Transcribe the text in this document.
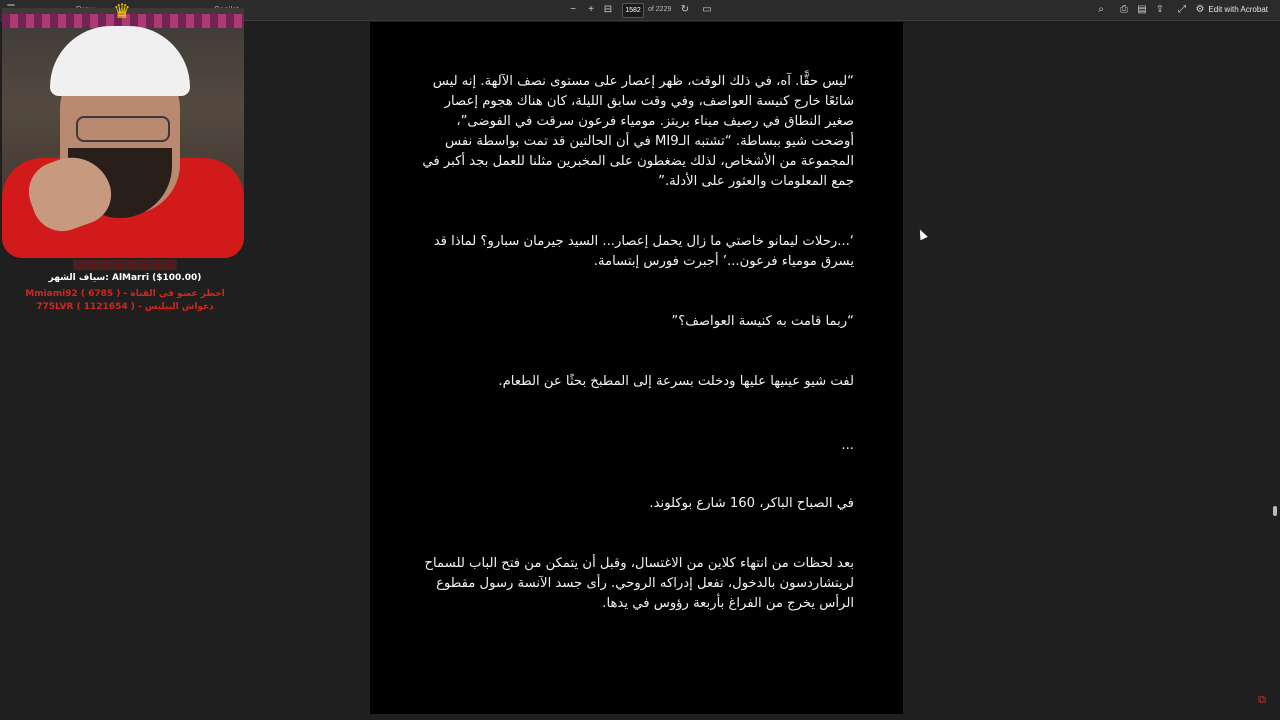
−	+ ⊟	1582	of 2229 ↻ ▭	⌕	⎙ ▤ ⇪	⤢ ⚙ Edit with Acrobat

“ليس حقًّا. آه، في ذلك الوقت، ظهر إعصار على مستوى نصف الآلهة. إنه ليس شائعًا خارج كنيسة العواصف، وفي وقت سابق الليلة، كان هناك هجوم إعصار صغير النطاق في رصيف ميناء بريتز. مومياء فرعون سرقت في الفوضى”، أوضحت شيو ببساطة. “تشتبه الـMI9 في أن الحالتين قد تمت بواسطة نفس المجموعة من الأشخاص، لذلك يضغطون على المخبرين مثلنا للعمل بجد أكبر في جمع المعلومات والعثور على الأدلة.”

‘...رحلات ليمانو خاصتي ما زال يحمل إعصار... السيد جيرمان سبارو؟ لماذا قد يسرق مومياء فرعون...’ أجبرت فورس إبتسامة.

“ربما قامت به كنيسة العواصف؟”

لفت شيو عينيها عليها ودخلت بسرعة إلى المطبخ بحثًا عن الطعام.

...

في الصباح الباكر، 160 شارع بوكلوند.

بعد لحظات من انتهاء كلاين من الاغتسال، وقبل أن يتمكن من فتح الباب للسماح لريتشاردسون بالدخول، تفعل إدراكه الروحي. رأى جسد الآنسة رسول مقطوع الرأس يخرج من الفراغ بأربعة رؤوس في يدها.

♛
▒▒▒▒▒▒▒▒▒▒▒▒▒▒▒
سياف الشهر: AlMarri ($100.00)
Mmiami92 ( 6785 ) - اخطر عضو في القناة
775LVR ( 1121654 ) - دعواش البيليس
⧉
